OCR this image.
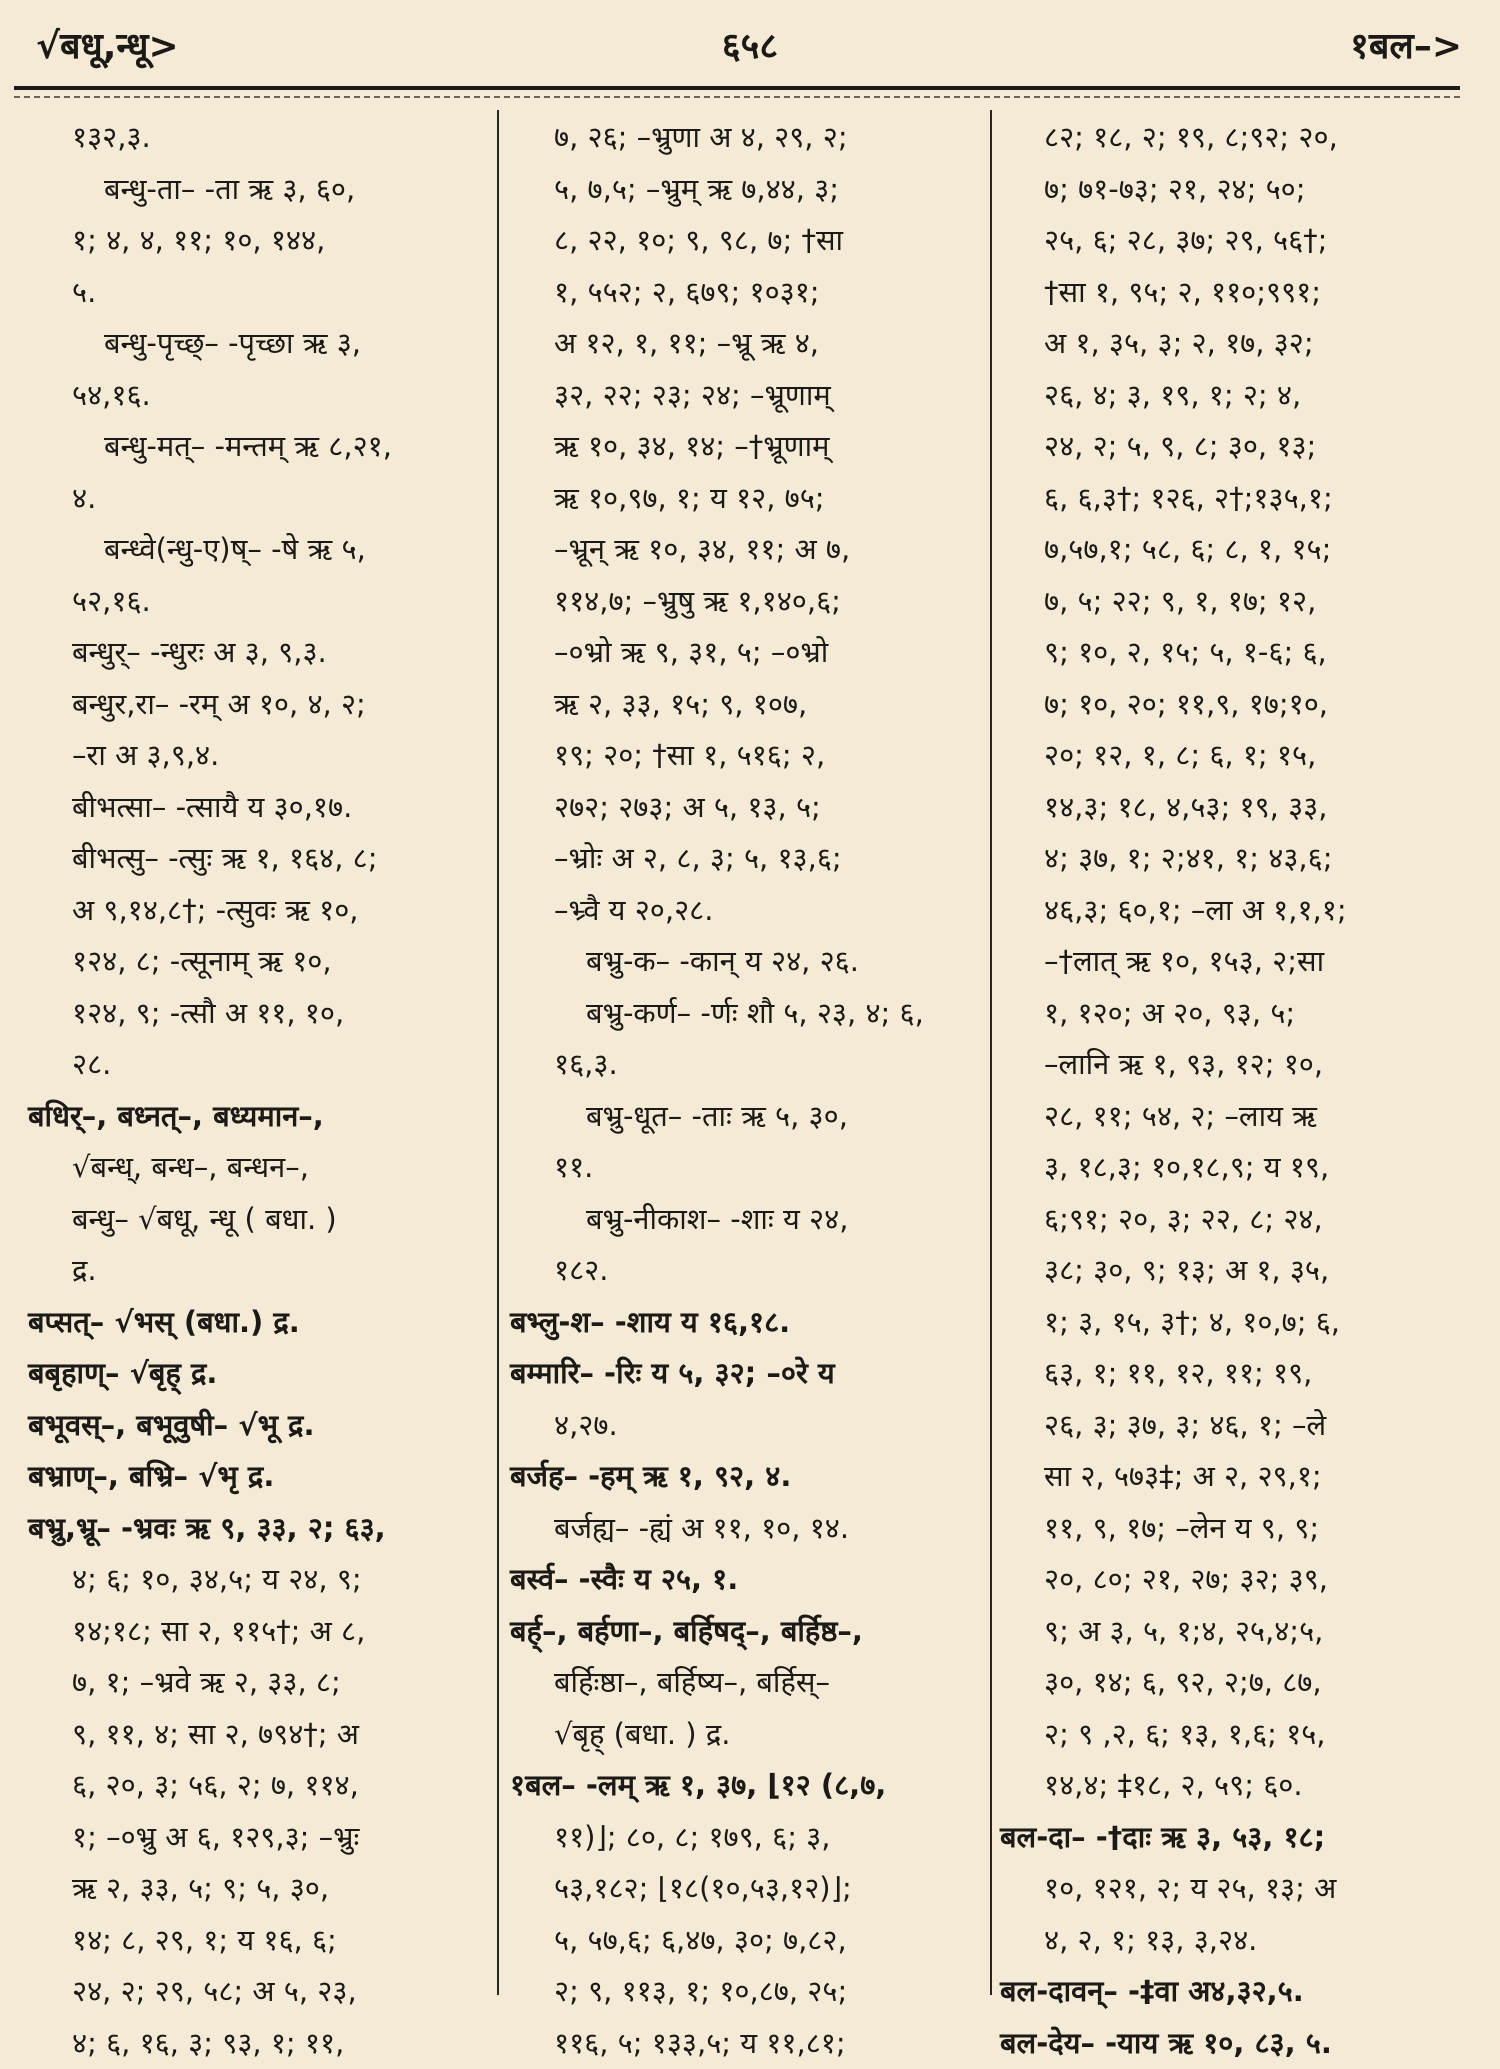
√बधू,न्धू>	६५८	१बल–>
१३२,३.
बन्धु-ता– -ता ऋ ३, ६०,
१; ४, ४, ११; १०, १४४,
५.
बन्धु-पृच्छ्– -पृच्छा ऋ ३,
५४,१६.
बन्धु-मत्– -मन्तम् ऋ ८,२१,
४.
बन्ध्वे(न्धु-ए)ष्– -षे ऋ ५,
५२,१६.
बन्धुर्– -न्धुरः अ ३, ९,३.
बन्धुर,रा– -रम् अ १०, ४, २;
–रा अ ३,९,४.
बीभत्सा– -त्सायै य ३०,१७.
बीभत्सु– -त्सुः ऋ १, १६४, ८;
अ ९,१४,८†; -त्सुवः ऋ १०,
१२४, ८; -त्सूनाम् ऋ १०,
१२४, ९; -त्सौ अ ११, १०,
२८.
बधिर्–, बध्नत्–, बध्यमान–,
√बन्ध्, बन्ध–, बन्धन–,
बन्धु– √बधू, न्धू ( बधा. )
द्र.
बप्सत्– √भस् (बधा.) द्र.
बबृहाण्– √बृह् द्र.
बभूवस्–, बभूवुषी– √भू द्र.
बभ्राण्–, बभ्रि– √भृ द्र.
बभ्रु,भ्रू– -भ्रवः ऋ ९, ३३, २; ६३,
४; ६; १०, ३४,५; य २४, ९;
१४;१८; सा २, ११५†; अ ८,
७, १; –भ्रवे ऋ २, ३३, ८;
९, ११, ४; सा २, ७९४†; अ
६, २०, ३; ५६, २; ७, ११४,
१; –०भ्रु अ ६, १२९,३; –भ्रुः
ऋ २, ३३, ५; ९; ५, ३०,
१४; ८, २९, १; य १६, ६;
२४, २; २९, ५८; अ ५, २३,
४; ६, १६, ३; ९३, १; ११,
७, २६; –भ्रुणा अ ४, २९, २;
५, ७,५; –भ्रुम् ऋ ७,४४, ३;
८, २२, १०; ९, ९८, ७; †सा
१, ५५२; २, ६७९; १०३१;
अ १२, १, ११; –भ्रू ऋ ४,
३२, २२; २३; २४; –भ्रूणाम्
ऋ १०, ३४, १४; –†भ्रूणाम्
ऋ १०,९७, १; य १२, ७५;
–भ्रून् ऋ १०, ३४, ११; अ ७,
११४,७; –भ्रुषु ऋ १,१४०,६;
–०भ्रो ऋ ९, ३१, ५; –०भ्रो
ऋ २, ३३, १५; ९, १०७,
१९; २०; †सा १, ५१६; २,
२७२; २७३; अ ५, १३, ५;
–भ्रोः अ २, ८, ३; ५, १३,६;
–भ्र्वै य २०,२८.
बभ्रु-क– -कान् य २४, २६.
बभ्रु-कर्ण– -र्णः शौ ५, २३, ४; ६,
१६,३.
बभ्रु-धूत– -ताः ऋ ५, ३०,
११.
बभ्रु-नीकाश– -शाः य २४,
१८२.
बभ्लु-श– -शाय य १६,१८.
बम्मारि– -रिः य ५, ३२; –०रे य
४,२७.
बर्जह– -हम् ऋ १, ९२, ४.
बर्जह्य– -ह्यं अ ११, १०, १४.
बर्स्व– -स्वैः य २५, १.
बर्ह्–, बर्हणा–, बर्हिषद्–, बर्हिष्ठ–,
बर्हिःष्ठा–, बर्हिष्य–, बर्हिस्–
√बृह् (बधा. ) द्र.
१बल– -लम् ऋ १, ३७, ⌊१२ (८,७,
११)⌋; ८०, ८; १७९, ६; ३,
५३,१८२; ⌊१८(१०,५३,१२)⌋;
५, ५७,६; ६,४७, ३०; ७,८२,
२; ९, ११३, १; १०,८७, २५;
११६, ५; १३३,५; य ११,८१;
८२; १८, २; १९, ८;९२; २०,
७; ७१-७३; २१, २४; ५०;
२५, ६; २८, ३७; २९, ५६†;
†सा १, ९५; २, ११०;९९१;
अ १, ३५, ३; २, १७, ३२;
२६, ४; ३, १९, १; २; ४,
२४, २; ५, ९, ८; ३०, १३;
६, ६,३†; १२६, २†;१३५,१;
७,५७,१; ५८, ६; ८, १, १५;
७, ५; २२; ९, १, १७; १२,
९; १०, २, १५; ५, १-६; ६,
७; १०, २०; ११,९, १७;१०,
२०; १२, १, ८; ६, १; १५,
१४,३; १८, ४,५३; १९, ३३,
४; ३७, १; २;४१, १; ४३,६;
४६,३; ६०,१; –ला अ १,१,१;
–†लात् ऋ १०, १५३, २;सा
१, १२०; अ २०, ९३, ५;
–लानि ऋ १, ९३, १२; १०,
२८, ११; ५४, २; –लाय ऋ
३, १८,३; १०,१८,९; य १९,
६;९१; २०, ३; २२, ८; २४,
३८; ३०, ९; १३; अ १, ३५,
१; ३, १५, ३†; ४, १०,७; ६,
६३, १; ११, १२, ११; १९,
२६, ३; ३७, ३; ४६, १; –ले
सा २, ५७३‡; अ २, २९,१;
११, ९, १७; –लेन य ९, ९;
२०, ८०; २१, २७; ३२; ३९,
९; अ ३, ५, १;४, २५,४;५,
३०, १४; ६, ९२, २;७, ८७,
२; ९ ,२, ६; १३, १,६; १५,
१४,४; ‡१८, २, ५९; ६०.
बल-दा– -†दाः ऋ ३, ५३, १८;
१०, १२१, २; य २५, १३; अ
४, २, १; १३, ३,२४.
बल-दावन्– -‡वा अ४,३२,५.
बल-देय– -याय ऋ १०, ८३, ५.
